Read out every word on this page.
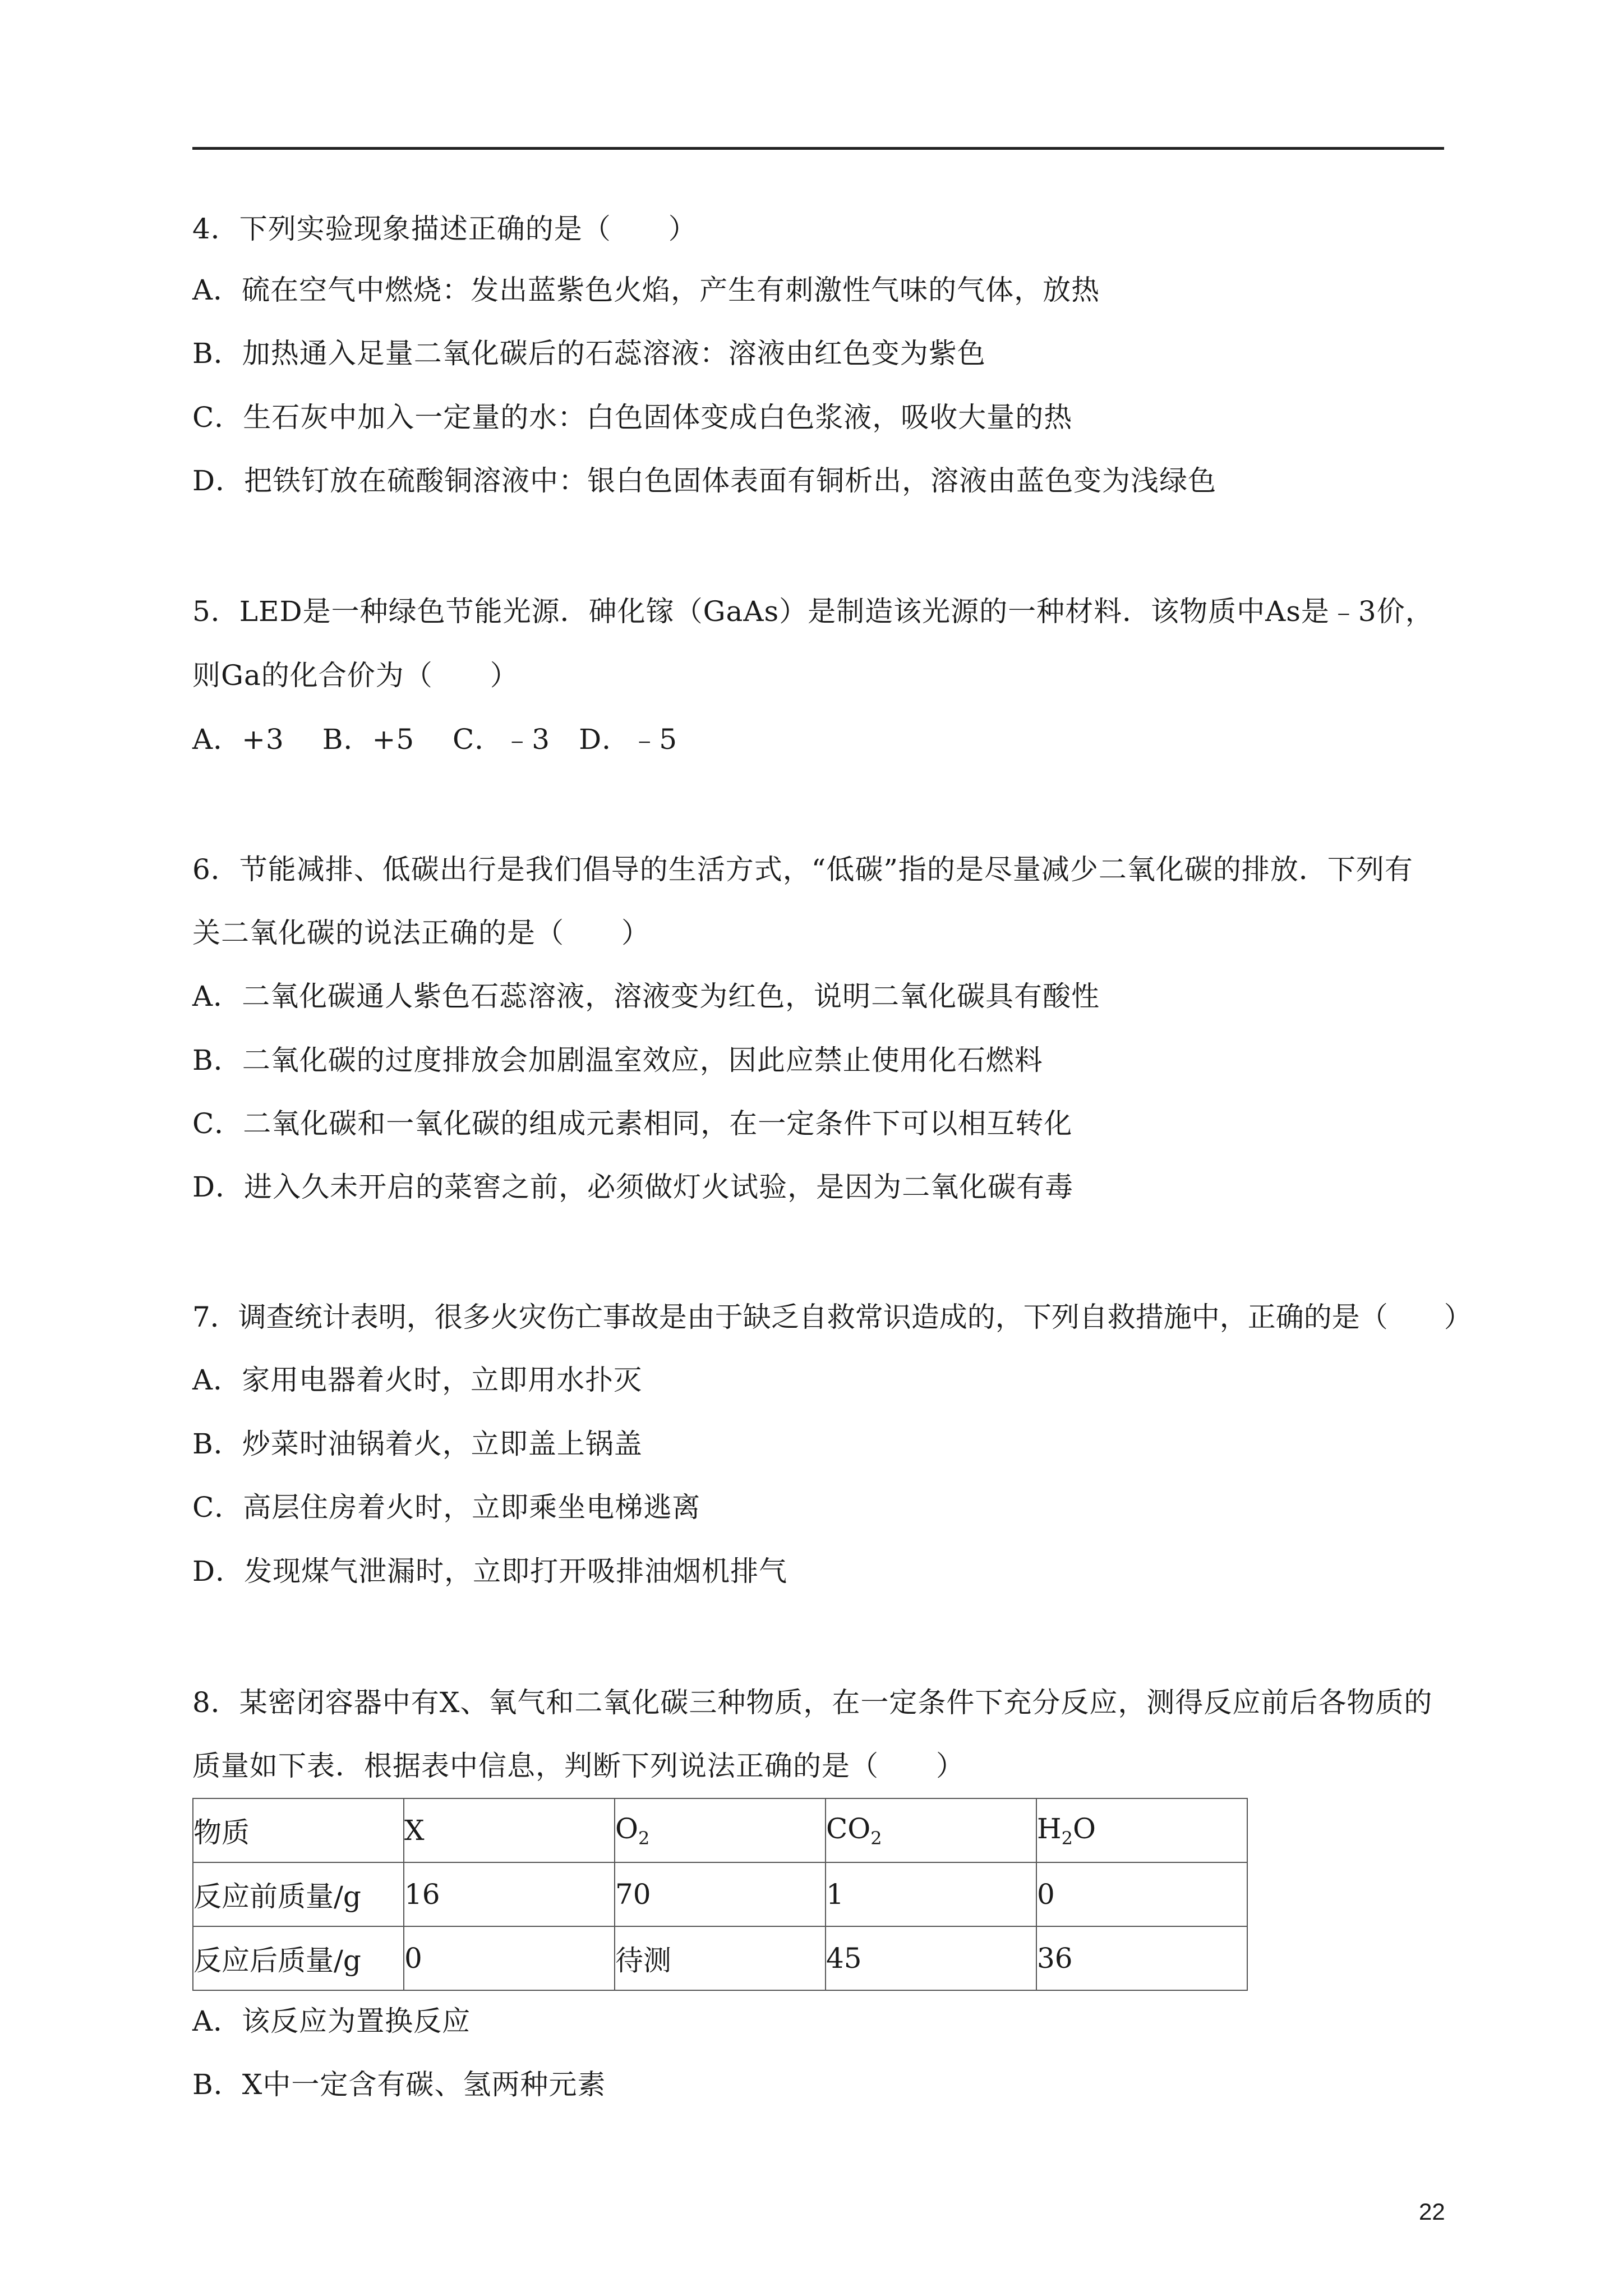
4．下列实验现象描述正确的是（　　）
A．硫在空气中燃烧：发出蓝紫色火焰，产生有刺激性气味的气体，放热
B．加热通入足量二氧化碳后的石蕊溶液：溶液由红色变为紫色
C．生石灰中加入一定量的水：白色固体变成白色浆液，吸收大量的热
D．把铁钉放在硫酸铜溶液中：银白色固体表面有铜析出，溶液由蓝色变为浅绿色
5．LED是一种绿色节能光源．砷化镓（GaAs）是制造该光源的一种材料．该物质中As是﹣3价，
则Ga的化合价为（　　）
A．+3　 B．+5　 C．﹣3　D．﹣5
6．节能减排、低碳出行是我们倡导的生活方式，“低碳”指的是尽量减少二氧化碳的排放．下列有
关二氧化碳的说法正确的是（　　）
A．二氧化碳通人紫色石蕊溶液，溶液变为红色，说明二氧化碳具有酸性
B．二氧化碳的过度排放会加剧温室效应，因此应禁止使用化石燃料
C．二氧化碳和一氧化碳的组成元素相同，在一定条件下可以相互转化
D．进入久未开启的菜窖之前，必须做灯火试验，是因为二氧化碳有毒
7．调查统计表明，很多火灾伤亡事故是由于缺乏自救常识造成的，下列自救措施中，正确的是（　　）
A．家用电器着火时，立即用水扑灭
B．炒菜时油锅着火，立即盖上锅盖
C．高层住房着火时，立即乘坐电梯逃离
D．发现煤气泄漏时，立即打开吸排油烟机排气
8．某密闭容器中有X、氧气和二氧化碳三种物质，在一定条件下充分反应，测得反应前后各物质的
质量如下表．根据表中信息，判断下列说法正确的是（　　）
物质	X	$O_2$	$CO_2$	$H_2O$
反应前质量/g	16	70	1	0
反应后质量/g	0	待测	45	36
A．该反应为置换反应
B．X中一定含有碳、氢两种元素
22
